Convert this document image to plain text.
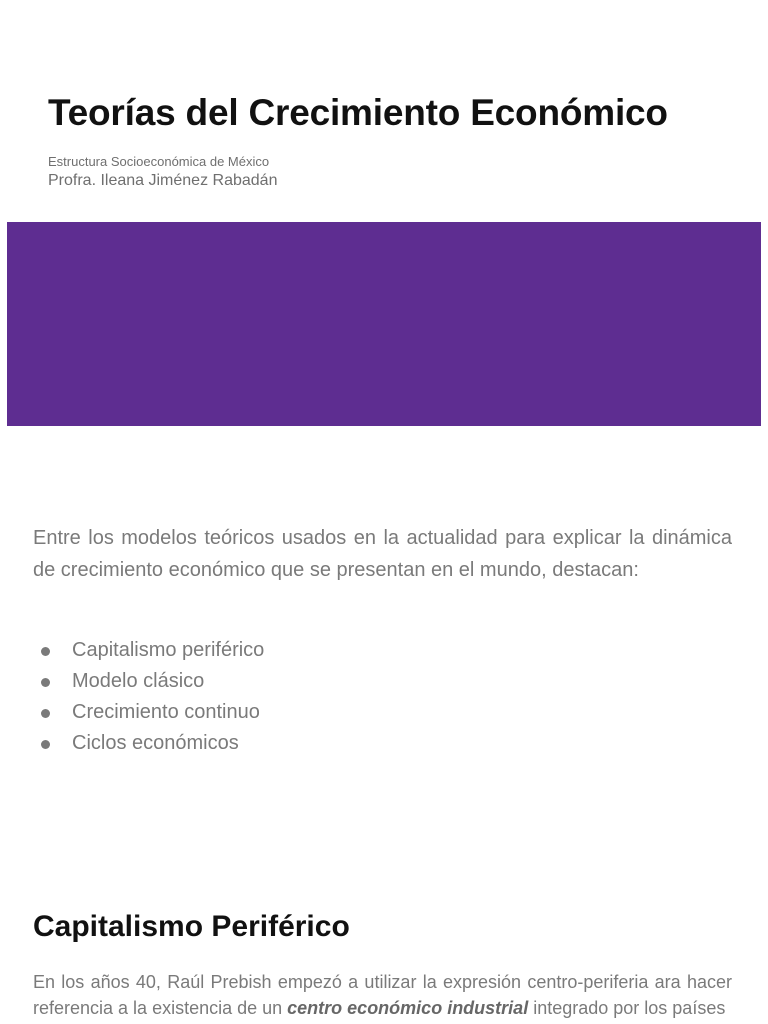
Teorías del Crecimiento Económico
Estructura Socioeconómica de México
Profra. Ileana Jiménez Rabadán

Entre los modelos teóricos usados en la actualidad para explicar la dinámica de crecimiento económico que se presentan en el mundo, destacan:

Capitalismo periférico
Modelo clásico
Crecimiento continuo
Ciclos económicos
Capitalismo Periférico

En los años 40, Raúl Prebish empezó a utilizar la expresión centro-periferia ara hacer referencia a la existencia de un centro económico industrial integrado por los países
